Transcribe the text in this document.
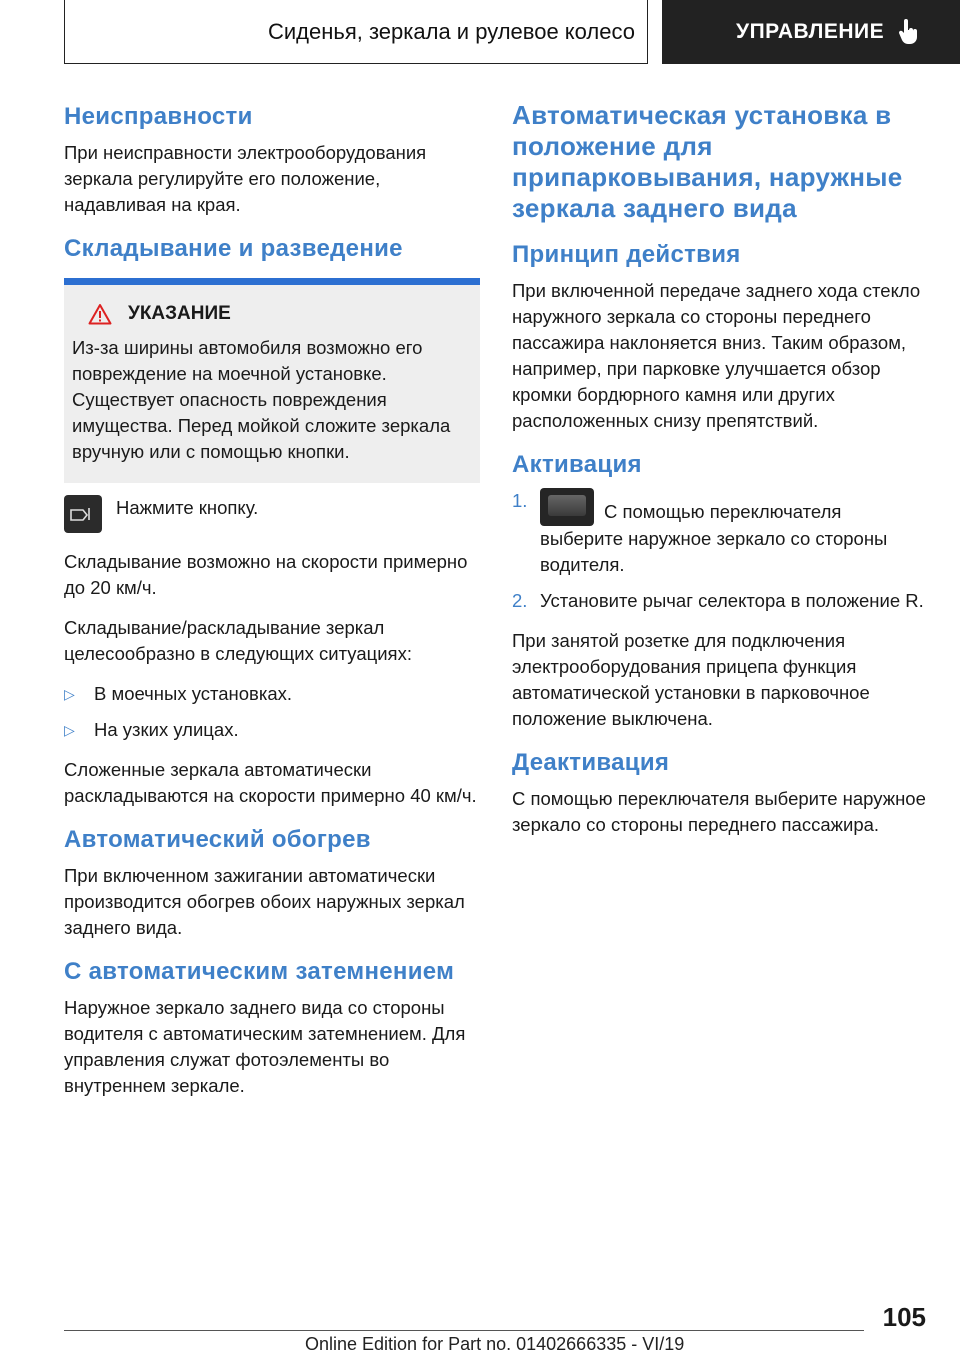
Сиденья, зеркала и рулевое колесо	УПРАВЛЕНИЕ
Неисправности

При неисправности электрооборудования зеркала регулируйте его положение, надавливая на края.

Складывание и разведение
УКАЗАНИЕ

Из-за ширины автомобиля возможно его повреждение на моечной установке. Существует опасность повреждения имущества. Перед мойкой сложите зеркала вручную или с помощью кнопки.

Нажмите кнопку.

Складывание возможно на скорости примерно до 20 км/ч.

Складывание/раскладывание зеркал целесообразно в следующих ситуациях:

▷	В моечных установках.
▷	На узких улицах.

Сложенные зеркала автоматически раскладываются на скорости примерно 40 км/ч.

Автоматический обогрев

При включенном зажигании автоматически производится обогрев обоих наружных зеркал заднего вида.

С автоматическим затемнением

Наружное зеркало заднего вида со стороны водителя с автоматическим затемнением. Для управления служат фотоэлементы во внутреннем зеркале.

Автоматическая установка в положение для припарковывания, наружные зеркала заднего вида
Принцип действия

При включенной передаче заднего хода стекло наружного зеркала со стороны переднего пассажира наклоняется вниз. Таким образом, например, при парковке улучшается обзор кромки бордюрного камня или других расположенных снизу препятствий.

Активация
1.
С помощью переключателя выберите наружное зеркало со стороны водителя.
2. Установите рычаг селектора в положение R.

При занятой розетке для подключения электрооборудования прицепа функция автоматической установки в парковочное положение выключена.

Деактивация

С помощью переключателя выберите наружное зеркало со стороны переднего пассажира.

105
Online Edition for Part no. 01402666335 - VI/19
